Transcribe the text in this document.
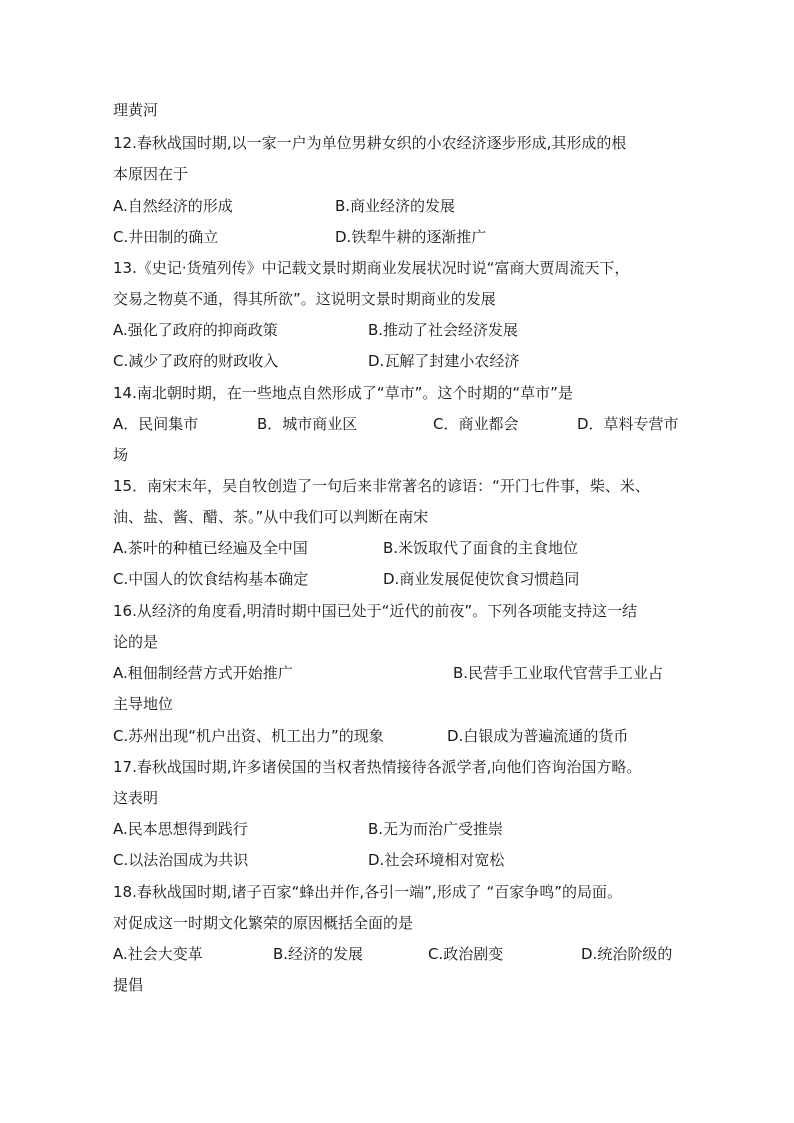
理黄河
12.春秋战国时期,以一家一户为单位男耕女织的小农经济逐步形成,其形成的根
本原因在于
A.自然经济的形成	B.商业经济的发展
C.井田制的确立	D.铁犁牛耕的逐渐推广
13.《史记·货殖列传》中记载文景时期商业发展状况时说“富商大贾周流天下，
交易之物莫不通，得其所欲”。这说明文景时期商业的发展
A.强化了政府的抑商政策	B.推动了社会经济发展
C.减少了政府的财政收入	D.瓦解了封建小农经济
14.南北朝时期，在一些地点自然形成了“草市”。这个时期的“草市”是
A．民间集市	B．城市商业区	C．商业都会	D．草料专营市
场
15．南宋末年，吴自牧创造了一句后来非常著名的谚语：“开门七件事，柴、米、
油、盐、酱、醋、茶。”从中我们可以判断在南宋
A.茶叶的种植已经遍及全中国	B.米饭取代了面食的主食地位
C.中国人的饮食结构基本确定	D.商业发展促使饮食习惯趋同
16.从经济的角度看,明清时期中国已处于“近代的前夜”。下列各项能支持这一结
论的是
A.租佃制经营方式开始推广	B.民营手工业取代官营手工业占
主导地位
C.苏州出现“机户出资、机工出力”的现象	D.白银成为普遍流通的货币
17.春秋战国时期,许多诸侯国的当权者热情接待各派学者,向他们咨询治国方略。
这表明
A.民本思想得到践行	B.无为而治广受推崇
C.以法治国成为共识	D.社会环境相对宽松
18.春秋战国时期,诸子百家“蜂出并作,各引一端”,形成了 “百家争鸣”的局面。
对促成这一时期文化繁荣的原因概括全面的是
A.社会大变革	B.经济的发展	C.政治剧变	D.统治阶级的
提倡
